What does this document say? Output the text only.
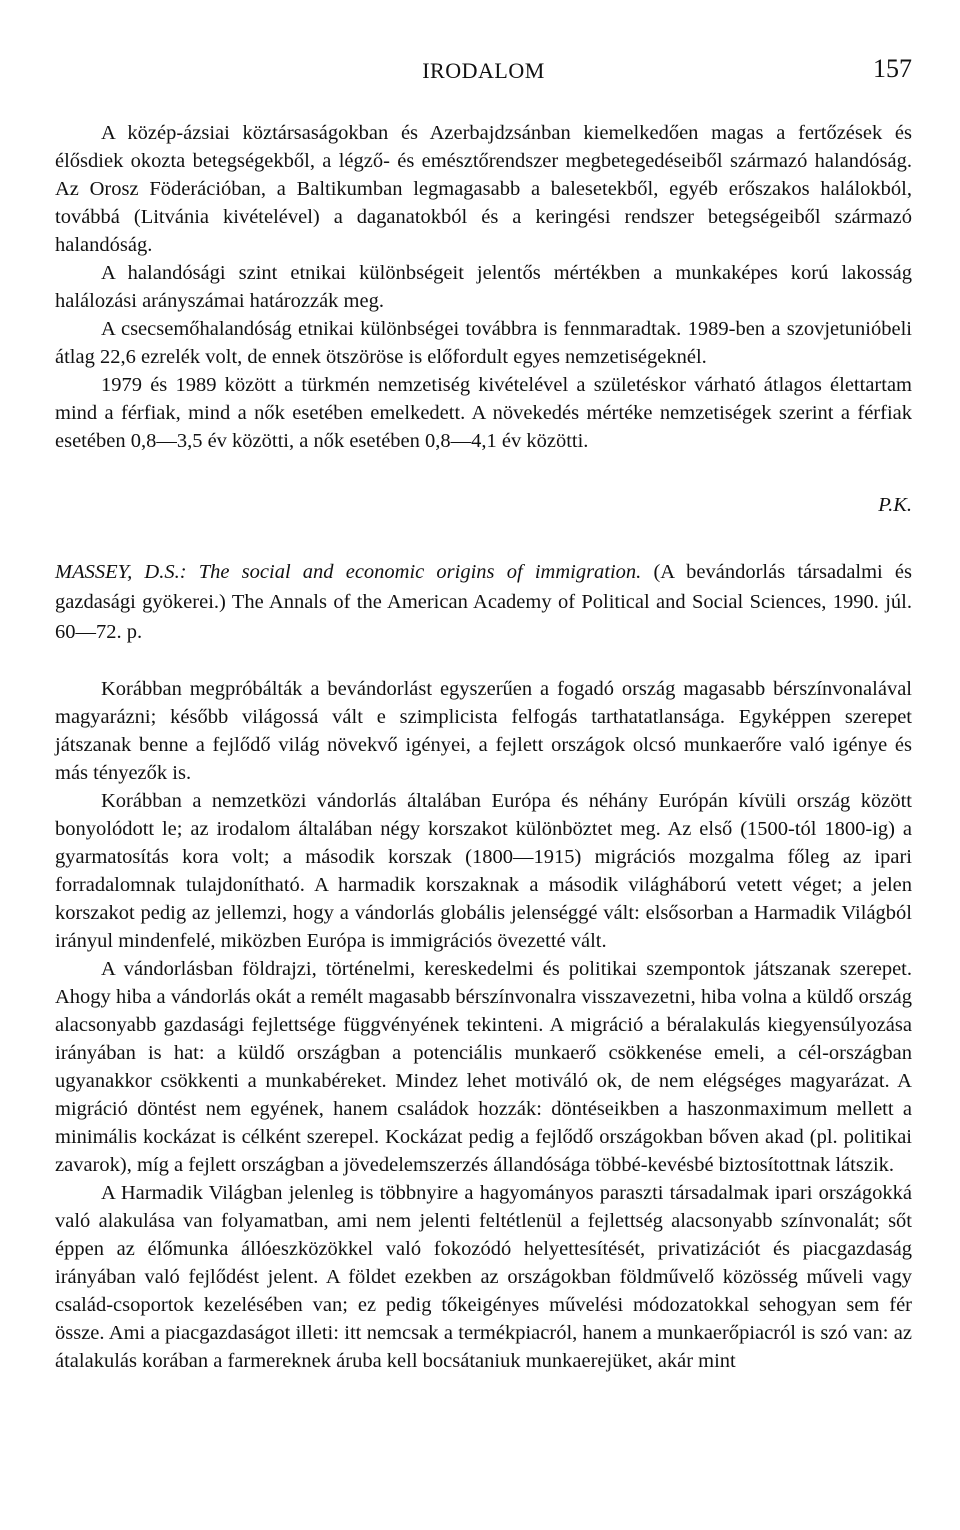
IRODALOM	157

A közép-ázsiai köztársaságokban és Azerbajdzsánban kiemelkedően magas a fertőzések és élősdiek okozta betegségekből, a légző- és emésztőrendszer megbetegedéseiből származó halandóság. Az Orosz Föderációban, a Baltikumban legmagasabb a balesetekből, egyéb erőszakos halálokból, továbbá (Litvánia kivételével) a daganatokból és a keringési rendszer betegségeiből származó halandóság.

A halandósági szint etnikai különbségeit jelentős mértékben a munkaképes korú lakosság halálozási arányszámai határozzák meg.

A csecsemőhalandóság etnikai különbségei továbbra is fennmaradtak. 1989-ben a szovjetunióbeli átlag 22,6 ezrelék volt, de ennek ötszöröse is előfordult egyes nemzetiségeknél.

1979 és 1989 között a türkmén nemzetiség kivételével a születéskor várható átlagos élettartam mind a férfiak, mind a nők esetében emelkedett. A növekedés mértéke nemzetiségek szerint a férfiak esetében 0,8—3,5 év közötti, a nők esetében 0,8—4,1 év közötti.

P.K.
MASSEY, D.S.: The social and economic origins of immigration. (A bevándorlás társadalmi és gazdasági gyökerei.) The Annals of the American Academy of Political and Social Sciences, 1990. júl. 60—72. p.

Korábban megpróbálták a bevándorlást egyszerűen a fogadó ország magasabb bérszínvonalával magyarázni; később világossá vált e szimplicista felfogás tarthatatlansága. Egyképpen szerepet játszanak benne a fejlődő világ növekvő igényei, a fejlett országok olcsó munkaerőre való igénye és más tényezők is.

Korábban a nemzetközi vándorlás általában Európa és néhány Európán kívüli ország között bonyolódott le; az irodalom általában négy korszakot különböztet meg. Az első (1500-tól 1800-ig) a gyarmatosítás kora volt; a második korszak (1800—1915) migrációs mozgalma főleg az ipari forradalomnak tulajdonítható. A harmadik korszaknak a második világháború vetett véget; a jelen korszakot pedig az jellemzi, hogy a vándorlás globális jelenséggé vált: elsősorban a Harmadik Világból irányul mindenfelé, miközben Európa is immigrációs övezetté vált.

A vándorlásban földrajzi, történelmi, kereskedelmi és politikai szempontok játszanak szerepet. Ahogy hiba a vándorlás okát a remélt magasabb bérszínvonalra visszavezetni, hiba volna a küldő ország alacsonyabb gazdasági fejlettsége függvényének tekinteni. A migráció a béralakulás kiegyensúlyozása irányában is hat: a küldő országban a potenciális munkaerő csökkenése emeli, a cél-országban ugyanakkor csökkenti a munkabéreket. Mindez lehet motiváló ok, de nem elégséges magyarázat. A migráció döntést nem egyének, hanem családok hozzák: döntéseikben a haszonmaximum mellett a minimális kockázat is célként szerepel. Kockázat pedig a fejlődő országokban bőven akad (pl. politikai zavarok), míg a fejlett országban a jövedelemszerzés állandósága többé-kevésbé biztosítottnak látszik.

A Harmadik Világban jelenleg is többnyire a hagyományos paraszti társadalmak ipari országokká való alakulása van folyamatban, ami nem jelenti feltétlenül a fejlettség alacsonyabb színvonalát; sőt éppen az élőmunka állóeszközökkel való fokozódó helyettesítését, privatizációt és piacgazdaság irányában való fejlődést jelent. A földet ezekben az országokban földművelő közösség műveli vagy család-csoportok kezelésében van; ez pedig tőkeigényes művelési módozatokkal sehogyan sem fér össze. Ami a piacgazdaságot illeti: itt nemcsak a termékpiacról, hanem a munkaerőpiacról is szó van: az átalakulás korában a farmereknek áruba kell bocsátaniuk munkaerejüket, akár mint
